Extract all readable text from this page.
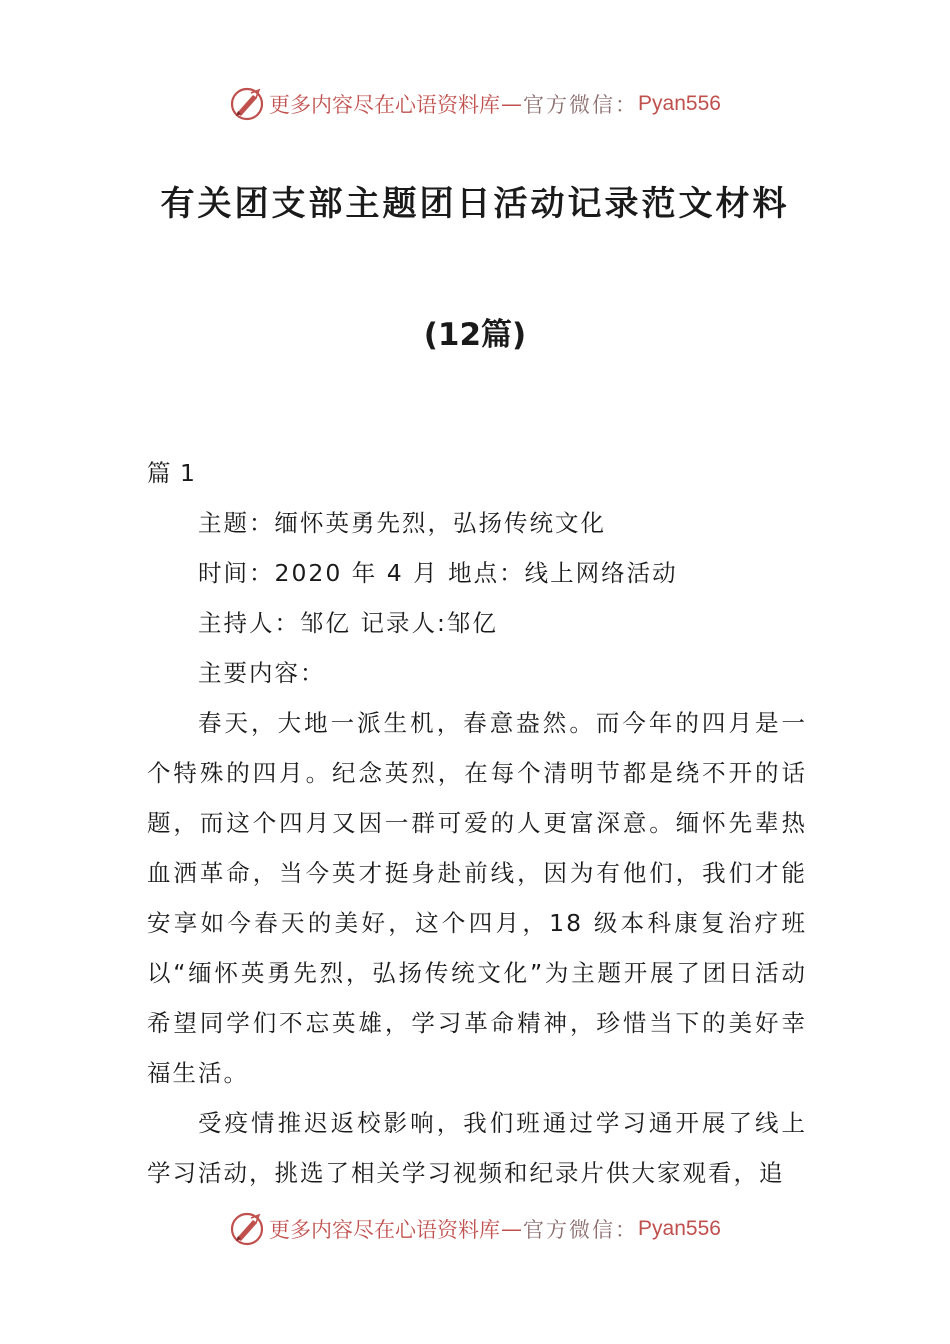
更多内容尽在心语资料库 — 官方微信： Pyan556
有关团支部主题团日活动记录范文材料
(12篇)

篇 1

主题：缅怀英勇先烈，弘扬传统文化

时间：2020 年 4 月 地点：线上网络活动

主持人：邹亿 记录人:邹亿

主要内容：

春天，大地一派生机，春意盎然。而今年的四月是一个特殊的四月。纪念英烈，在每个清明节都是绕不开的话题，而这个四月又因一群可爱的人更富深意。缅怀先辈热血洒革命，当今英才挺身赴前线，因为有他们，我们才能安享如今春天的美好，这个四月，18 级本科康复治疗班以“缅怀英勇先烈，弘扬传统文化”为主题开展了团日活动希望同学们不忘英雄，学习革命精神，珍惜当下的美好幸福生活。

受疫情推迟返校影响，我们班通过学习通开展了线上学习活动，挑选了相关学习视频和纪录片供大家观看，追

更多内容尽在心语资料库 — 官方微信： Pyan556
